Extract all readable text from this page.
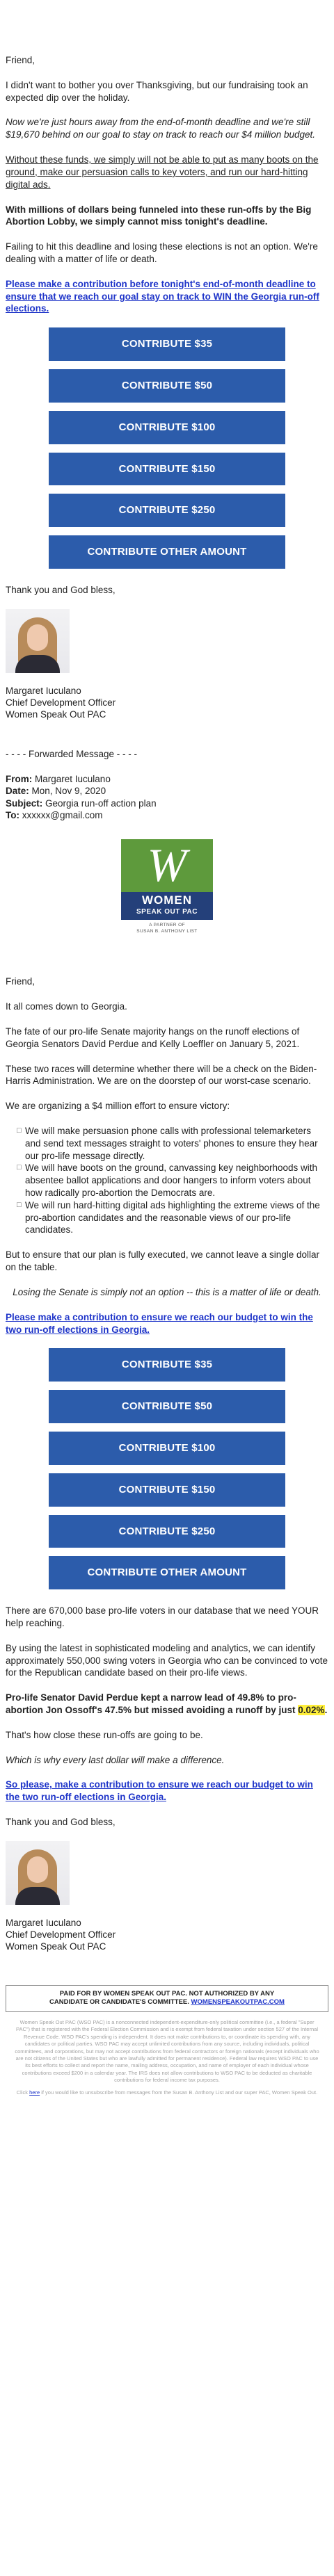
Friend,

I didn't want to bother you over Thanksgiving, but our fundraising took an expected dip over the holiday.

Now we're just hours away from the end-of-month deadline and we're still $19,670 behind on our goal to stay on track to reach our $4 million budget.

Without these funds, we simply will not be able to put as many boots on the ground, make our persuasion calls to key voters, and run our hard-hitting digital ads.

With millions of dollars being funneled into these run-offs by the Big Abortion Lobby, we simply cannot miss tonight's deadline.

Failing to hit this deadline and losing these elections is not an option. We're dealing with a matter of life or death.

Please make a contribution before tonight's end-of-month deadline to ensure that we reach our goal stay on track to WIN the Georgia run-off elections.

CONTRIBUTE $35
CONTRIBUTE $50
CONTRIBUTE $100
CONTRIBUTE $150
CONTRIBUTE $250
CONTRIBUTE OTHER AMOUNT

Thank you and God bless,

Margaret Iuculano
Chief Development Officer
Women Speak Out PAC

- - - - Forwarded Message - - - -

From: Margaret Iuculano
Date: Mon, Nov 9, 2020
Subject: Georgia run-off action plan
To: xxxxxx@gmail.com
W
WOMEN
SPEAK OUT PAC
A PARTNER OF
SUSAN B. ANTHONY LIST

Friend,

It all comes down to Georgia.

The fate of our pro-life Senate majority hangs on the runoff elections of Georgia Senators David Perdue and Kelly Loeffler on January 5, 2021.

These two races will determine whether there will be a check on the Biden-Harris Administration. We are on the doorstep of our worst-case scenario.

We are organizing a $4 million effort to ensure victory:

□ We will make persuasion phone calls with professional telemarketers and send text messages straight to voters' phones to ensure they hear our pro-life message directly.
□ We will have boots on the ground, canvassing key neighborhoods with absentee ballot applications and door hangers to inform voters about how radically pro-abortion the Democrats are.
□ We will run hard-hitting digital ads highlighting the extreme views of the pro-abortion candidates and the reasonable views of our pro-life candidates.

But to ensure that our plan is fully executed, we cannot leave a single dollar on the table.

Losing the Senate is simply not an option -- this is a matter of life or death.

Please make a contribution to ensure we reach our budget to win the two run-off elections in Georgia.

CONTRIBUTE $35
CONTRIBUTE $50
CONTRIBUTE $100
CONTRIBUTE $150
CONTRIBUTE $250
CONTRIBUTE OTHER AMOUNT

There are 670,000 base pro-life voters in our database that we need YOUR help reaching.

By using the latest in sophisticated modeling and analytics, we can identify approximately 550,000 swing voters in Georgia who can be convinced to vote for the Republican candidate based on their pro-life views.

Pro-life Senator David Perdue kept a narrow lead of 49.8% to pro-abortion Jon Ossoff's 47.5% but missed avoiding a runoff by just 0.02%.

That's how close these run-offs are going to be.

Which is why every last dollar will make a difference.

So please, make a contribution to ensure we reach our budget to win the two run-off elections in Georgia.

Thank you and God bless,

Margaret Iuculano
Chief Development Officer
Women Speak Out PAC
PAID FOR BY WOMEN SPEAK OUT PAC. NOT AUTHORIZED BY ANY
CANDIDATE OR CANDIDATE'S COMMITTEE. WOMENSPEAKOUTPAC.COM

Women Speak Out PAC (WSO PAC) is a nonconnected independent-expenditure-only political committee (i.e., a federal "Super PAC") that is registered with the Federal Election Commission and is exempt from federal taxation under section 527 of the Internal Revenue Code. WSO PAC's spending is independent. It does not make contributions to, or coordinate its spending with, any candidates or political parties. WSO PAC may accept unlimited contributions from any source, including individuals, political committees, and corporations, but may not accept contributions from federal contractors or foreign nationals (except individuals who are not citizens of the United States but who are lawfully admitted for permanent residence). Federal law requires WSO PAC to use its best efforts to collect and report the name, mailing address, occupation, and name of employer of each individual whose contributions exceed $200 in a calendar year. The IRS does not allow contributions to WSO PAC to be deducted as charitable contributions for federal income tax purposes.

Click here if you would like to unsubscribe from messages from the Susan B. Anthony List and our super PAC, Women Speak Out.
